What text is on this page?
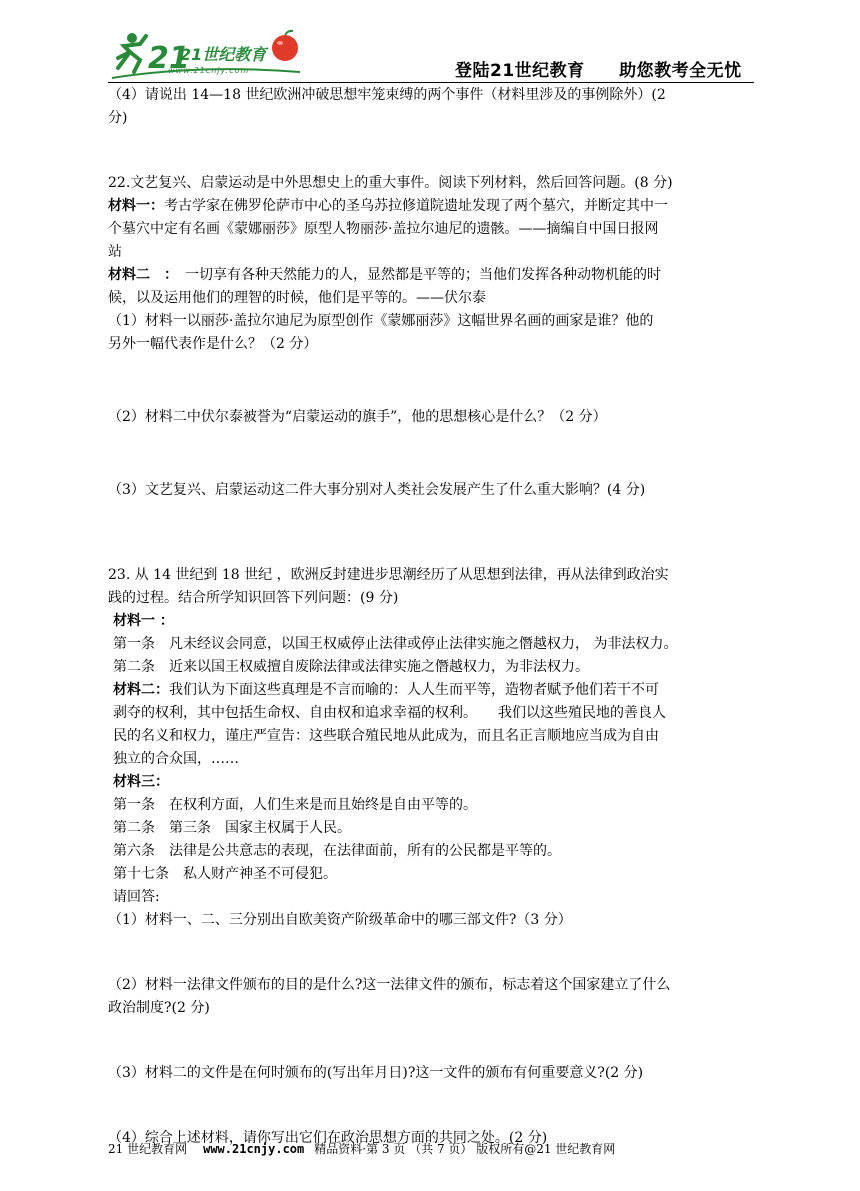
21
21世纪教育
www.21cnjy.com	登陆21世纪教育 助您教考全无忧

（4）请说出 14—18 世纪欧洲冲破思想牢笼束缚的两个事件（材料里涉及的事例除外）(2

分)

22.文艺复兴、启蒙运动是中外思想史上的重大事件。阅读下列材料，然后回答问题。(8 分)

材料一：考古学家在佛罗伦萨市中心的圣乌苏拉修道院遗址发现了两个墓穴，并断定其中一

个墓穴中定有名画《蒙娜丽莎》原型人物丽莎·盖拉尔迪尼的遗骸。——摘编自中国日报网

站

材料二　：　一切享有各种天然能力的人，显然都是平等的；当他们发挥各种动物机能的时

候，以及运用他们的理智的时候，他们是平等的。——伏尔泰

（1）材料一以丽莎·盖拉尔迪尼为原型创作《蒙娜丽莎》这幅世界名画的画家是谁？他的

另外一幅代表作是什么？（2 分）

（2）材料二中伏尔泰被誉为“启蒙运动的旗手”，他的思想核心是什么？（2 分）

（3）文艺复兴、启蒙运动这二件大事分别对人类社会发展产生了什么重大影响？(4 分)

23. 从 14 世纪到 18 世纪 ，欧洲反封建进步思潮经历了从思想到法律，再从法律到政治实

践的过程。结合所学知识回答下列问题：(9 分)

材料一 ：

第一条　凡未经议会同意，以国王权威停止法律或停止法律实施之僭越权力， 为非法权力。

第二条　近来以国王权威擅自废除法律或法律实施之僭越权力，为非法权力。

材料二：我们认为下面这些真理是不言而喻的：人人生而平等，造物者赋予他们若干不可

剥夺的权利，其中包括生命权、自由权和追求幸福的权利。　　我们以这些殖民地的善良人

民的名义和权力，谨庄严宣告：这些联合殖民地从此成为，而且名正言顺地应当成为自由

独立的合众国，……

材料三：

第一条　在权利方面，人们生来是而且始终是自由平等的。

第二条　第三条　国家主权属于人民。

第六条　法律是公共意志的表现，在法律面前，所有的公民都是平等的。

第十七条　私人财产神圣不可侵犯。

请回答:

（1）材料一、二、三分别出自欧美资产阶级革命中的哪三部文件?（3 分）

（2）材料一法律文件颁布的目的是什么?这一法律文件的颁布，标志着这个国家建立了什么

政治制度?(2 分)

（3）材料二的文件是在何时颁布的(写出年月日)?这一文件的颁布有何重要意义?(2 分)

（4）综合上述材料，请你写出它们在政治思想方面的共同之处。(2 分)

21 世纪教育网 www.21cnjy.com 精品资料·第 3 页 （共 7 页） 版权所有@21 世纪教育网
